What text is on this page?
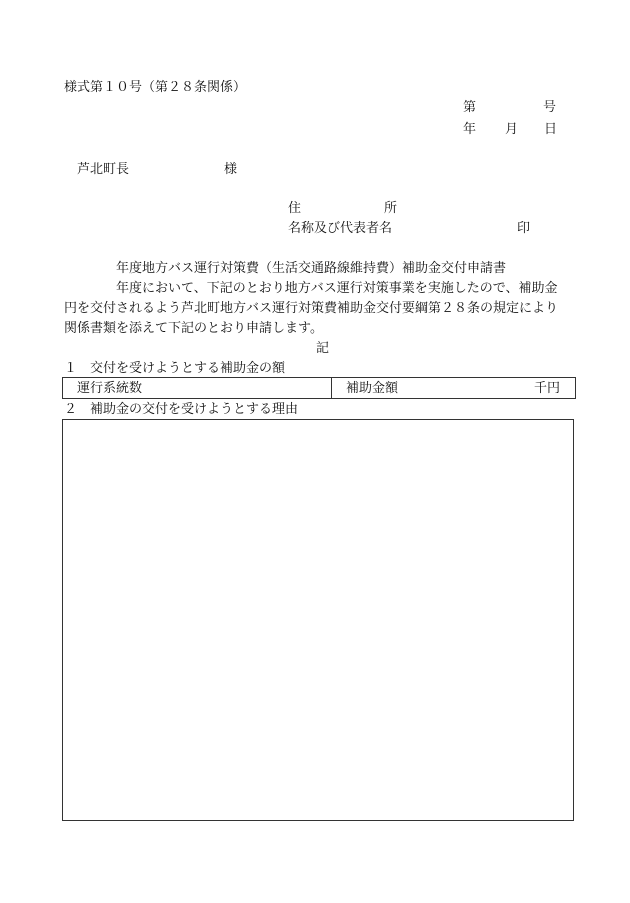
様式第１０号（第２８条関係）
第	号
年 月 日
芦北町長	様
住	所
名称及び代表者名	印
年度地方バス運行対策費（生活交通路線維持費）補助金交付申請書
年度において、下記のとおり地方バス運行対策事業を実施したので、補助金
円を交付されるよう芦北町地方バス運行対策費補助金交付要綱第２８条の規定により
関係書類を添えて下記のとおり申請します。
記
１　交付を受けようとする補助金の額
運行系統数	補助金額	千円
２　補助金の交付を受けようとする理由
